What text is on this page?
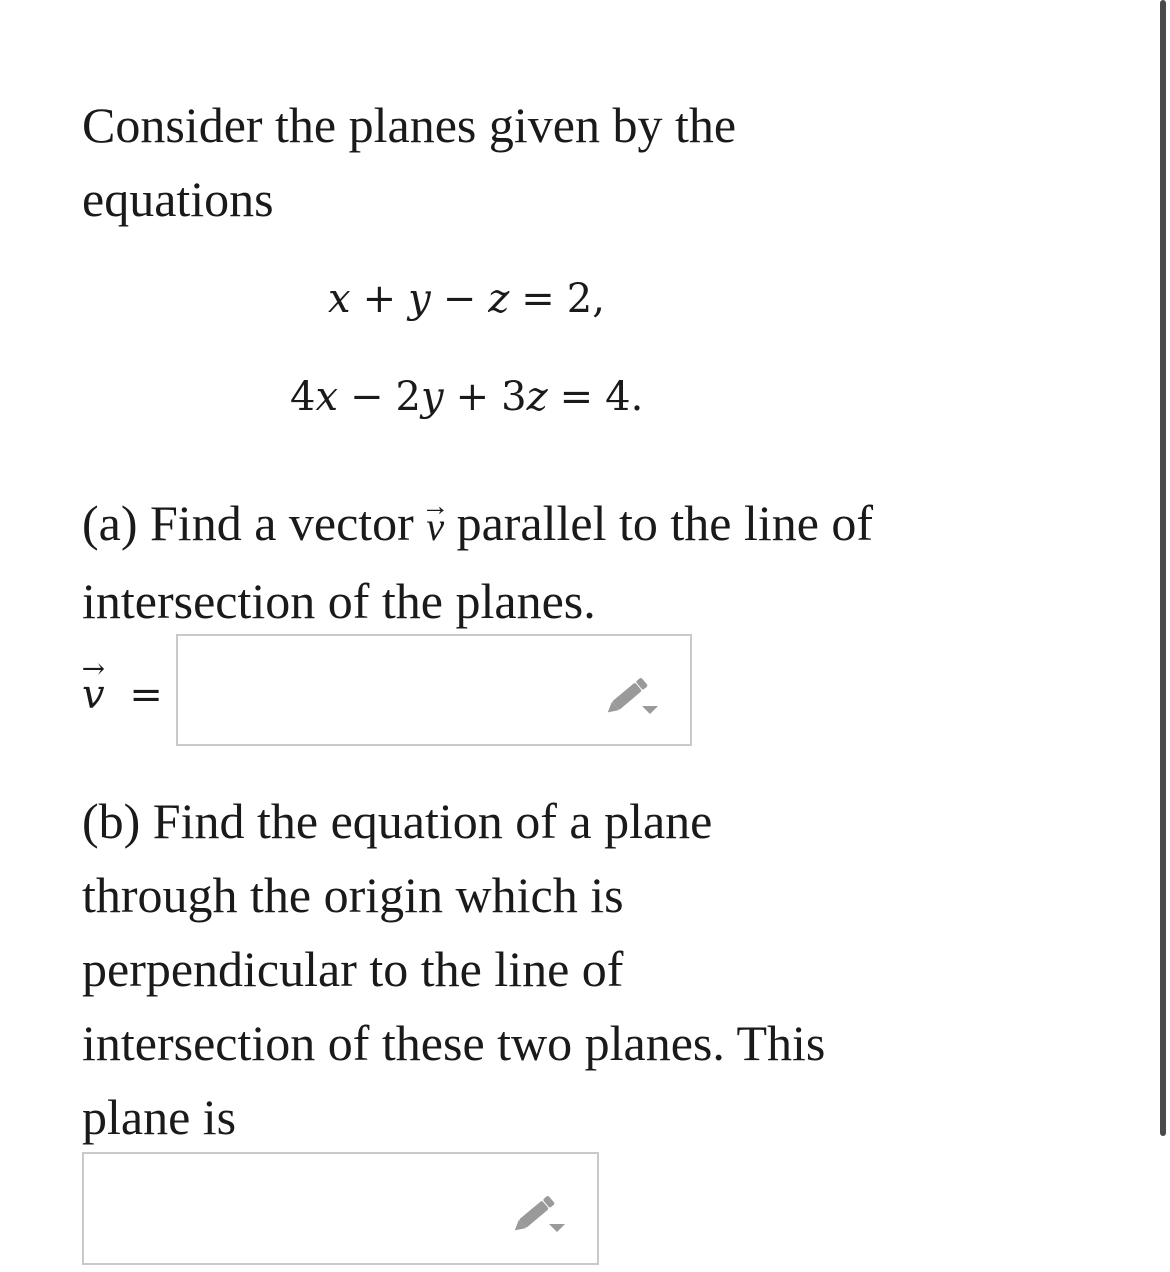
Consider the planes given by the equations

x + y − z = 2,
4x − 2y + 3z = 4.

(a) Find a vector → v parallel to the line of intersection of the planes.

→ v =

(b) Find the equation of a plane through the origin which is perpendicular to the line of intersection of these two planes. This plane is
